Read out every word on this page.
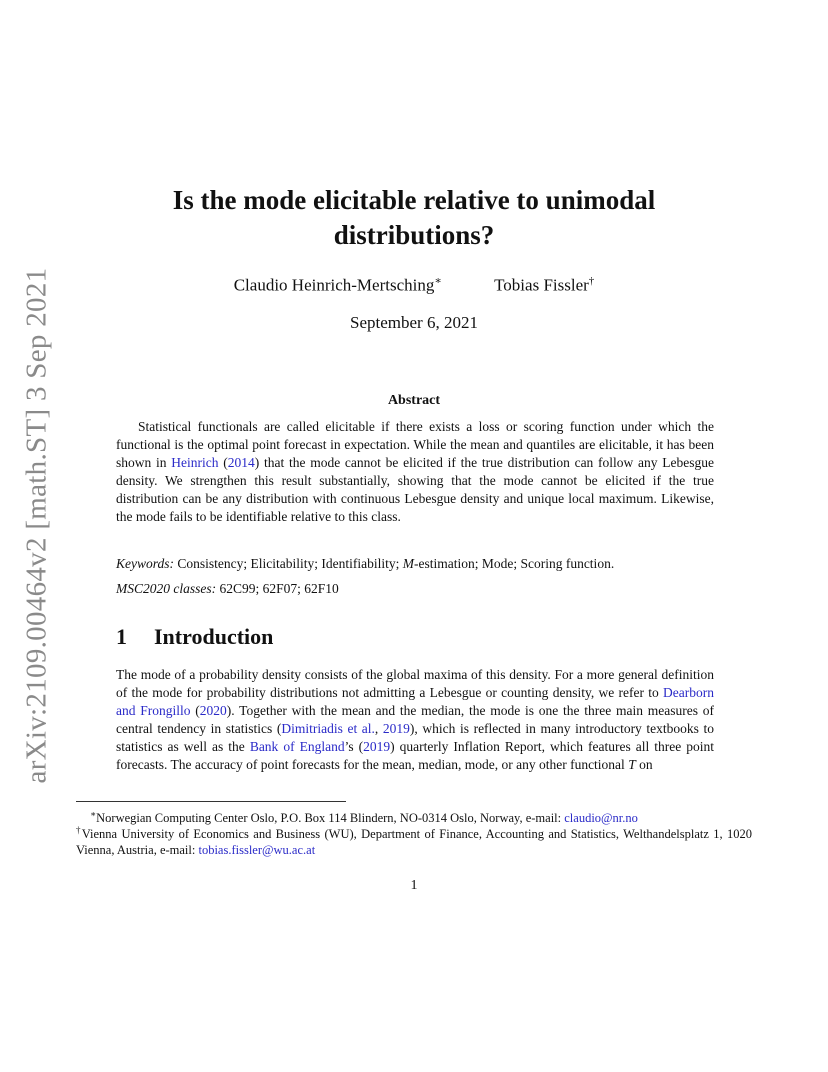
arXiv:2109.00464v2 [math.ST] 3 Sep 2021
Is the mode elicitable relative to unimodal
distributions?
Claudio Heinrich-Mertsching∗	Tobias Fissler†
September 6, 2021
Abstract

Statistical functionals are called elicitable if there exists a loss or scoring function under which the functional is the optimal point forecast in expectation. While the mean and quantiles are elicitable, it has been shown in Heinrich (2014) that the mode cannot be elicited if the true distribution can follow any Lebesgue density. We strengthen this result substantially, showing that the mode cannot be elicited if the true distribution can be any distribution with continuous Lebesgue density and unique local maximum. Likewise, the mode fails to be identifiable relative to this class.

Keywords: Consistency; Elicitability; Identifiability; M-estimation; Mode; Scoring function.
MSC2020 classes: 62C99; 62F07; 62F10
1 Introduction

The mode of a probability density consists of the global maxima of this density. For a more general definition of the mode for probability distributions not admitting a Lebesgue or counting density, we refer to Dearborn and Frongillo (2020). Together with the mean and the median, the mode is one the three main measures of central tendency in statistics (Dimitriadis et al., 2019), which is reflected in many introductory textbooks to statistics as well as the Bank of England’s (2019) quarterly Inflation Report, which features all three point forecasts. The accuracy of point forecasts for the mean, median, mode, or any other functional T on

∗Norwegian Computing Center Oslo, P.O. Box 114 Blindern, NO-0314 Oslo, Norway, e-mail: claudio@nr.no
†Vienna University of Economics and Business (WU), Department of Finance, Accounting and Statistics, Welthandelsplatz 1, 1020 Vienna, Austria, e-mail: tobias.fissler@wu.ac.at
1
